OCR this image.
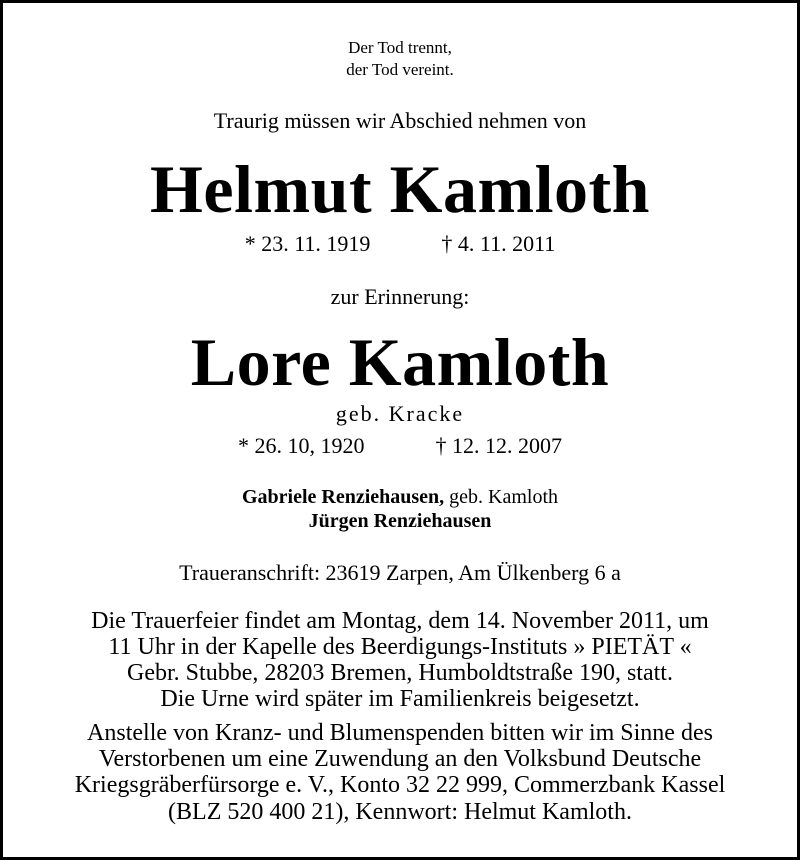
Der Tod trennt,
der Tod vereint.
Traurig müssen wir Abschied nehmen von
Helmut Kamloth
* 23. 11. 1919	† 4. 11. 2011
zur Erinnerung:
Lore Kamloth
geb. Kracke
* 26. 10, 1920	† 12. 12. 2007
Gabriele Renziehausen, geb. Kamloth
Jürgen Renziehausen
Traueranschrift: 23619 Zarpen, Am Ülkenberg 6 a
Die Trauerfeier findet am Montag, dem 14. November 2011, um
11 Uhr in der Kapelle des Beerdigungs-Instituts » PIETÄT «
Gebr. Stubbe, 28203 Bremen, Humboldtstraße 190, statt.
Die Urne wird später im Familienkreis beigesetzt.
Anstelle von Kranz- und Blumenspenden bitten wir im Sinne des
Verstorbenen um eine Zuwendung an den Volksbund Deutsche
Kriegsgräberfürsorge e. V., Konto 32 22 999, Commerzbank Kassel
(BLZ 520 400 21), Kennwort: Helmut Kamloth.
